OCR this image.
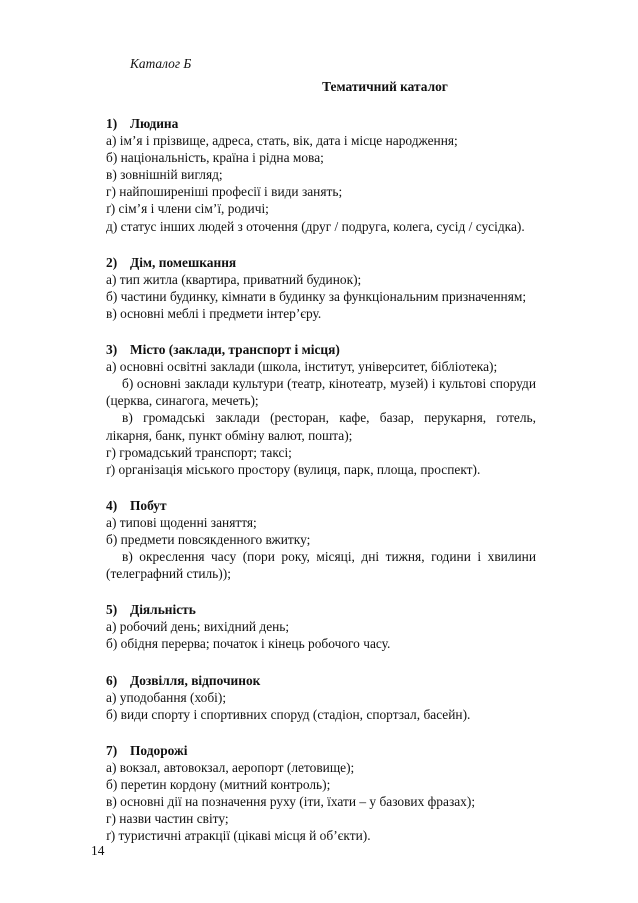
Каталог Б

Тематичний каталог

1) Людина

а) ім’я і прізвище, адреса, стать, вік, дата і місце народження;

б) національність, країна і рідна мова;

в) зовнішній вигляд;

г) найпоширеніші професії і види занять;

ґ) сім’я і члени сім’ї, родичі;

д) статус інших людей з оточення (друг / подруга, колега, сусід / сусідка).

2) Дім, помешкання

а) тип житла (квартира, приватний будинок);

б) частини будинку, кімнати в будинку за функціональним призначенням;

в) основні меблі і предмети інтер’єру.

3) Місто (заклади, транспорт і місця)

а) основні освітні заклади (школа, інститут, університет, бібліотека);

б) основні заклади культури (театр, кінотеатр, музей) і культові споруди (церква, синагога, мечеть);

в) громадські заклади (ресторан, кафе, базар, перукарня, готель, лікарня, банк, пункт обміну валют, пошта);

г) громадський транспорт; таксі;

ґ) організація міського простору (вулиця, парк, площа, проспект).

4) Побут

а) типові щоденні заняття;

б) предмети повсякденного вжитку;

в) окреслення часу (пори року, місяці, дні тижня, години і хвилини (телеграфний стиль));

5) Діяльність

а) робочий день; вихідний день;

б) обідня перерва; початок і кінець робочого часу.

6) Дозвілля, відпочинок

а) уподобання (хобі);

б) види спорту і спортивних споруд (стадіон, спортзал, басейн).

7) Подорожі

а) вокзал, автовокзал, аеропорт (летовище);

б) перетин кордону (митний контроль);

в) основні дії на позначення руху (іти, їхати – у базових фразах);

г) назви частин світу;

ґ) туристичні атракції (цікаві місця й об’єкти).

14
